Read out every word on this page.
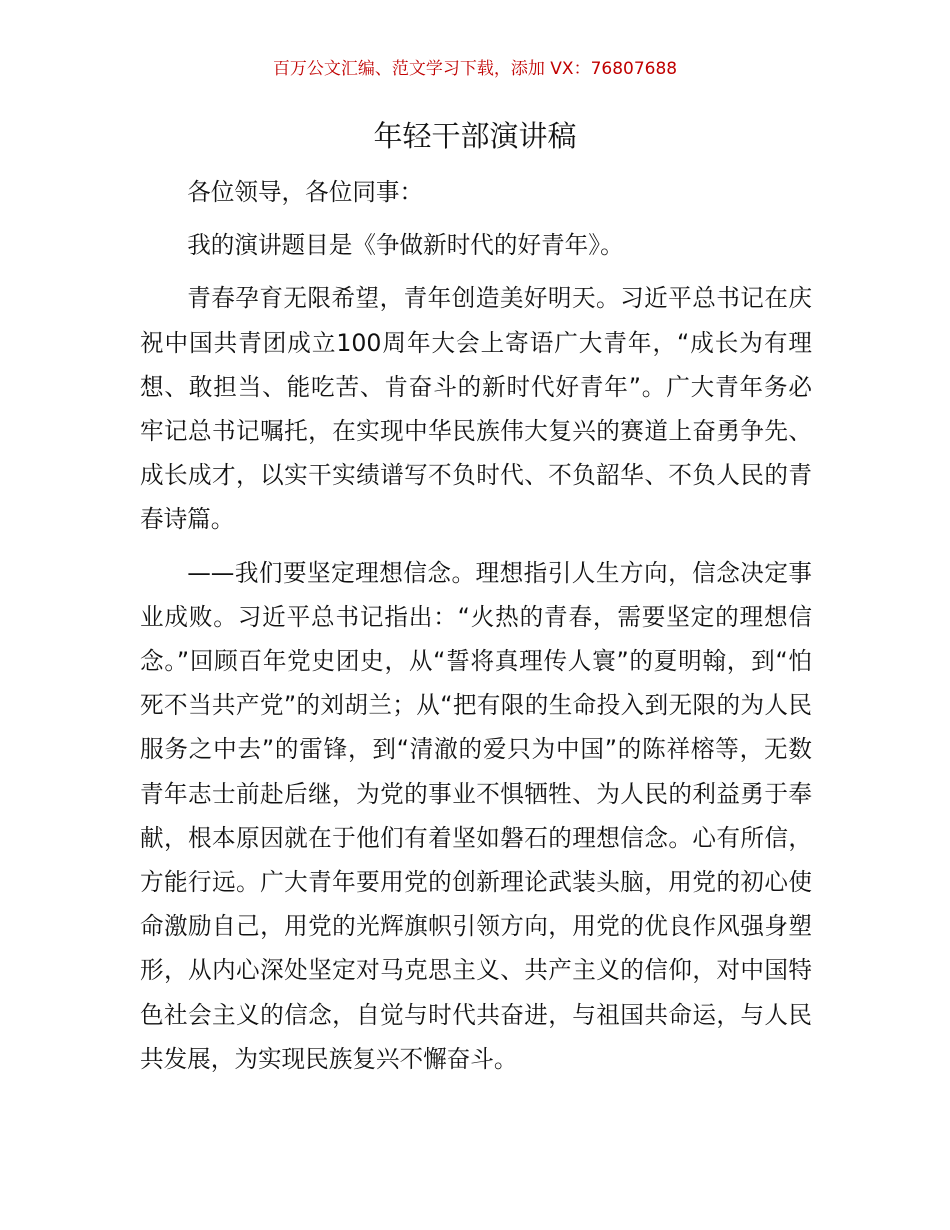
百万公文汇编、范文学习下载，添加 VX：76807688
年轻干部演讲稿

各位领导，各位同事：

我的演讲题目是《争做新时代的好青年》。

青春孕育无限希望，青年创造美好明天。习近平总书记在庆祝中国共青团成立100周年大会上寄语广大青年，“成长为有理想、敢担当、能吃苦、肯奋斗的新时代好青年”。广大青年务必牢记总书记嘱托，在实现中华民族伟大复兴的赛道上奋勇争先、成长成才，以实干实绩谱写不负时代、不负韶华、不负人民的青春诗篇。

——我们要坚定理想信念。理想指引人生方向，信念决定事业成败。习近平总书记指出：“火热的青春，需要坚定的理想信念。”回顾百年党史团史，从“誓将真理传人寰”的夏明翰，到“怕死不当共产党”的刘胡兰；从“把有限的生命投入到无限的为人民服务之中去”的雷锋，到“清澈的爱只为中国”的陈祥榕等，无数青年志士前赴后继，为党的事业不惧牺牲、为人民的利益勇于奉献，根本原因就在于他们有着坚如磐石的理想信念。心有所信，方能行远。广大青年要用党的创新理论武装头脑，用党的初心使命激励自己，用党的光辉旗帜引领方向，用党的优良作风强身塑形，从内心深处坚定对马克思主义、共产主义的信仰，对中国特色社会主义的信念，自觉与时代共奋进，与祖国共命运，与人民共发展，为实现民族复兴不懈奋斗。
